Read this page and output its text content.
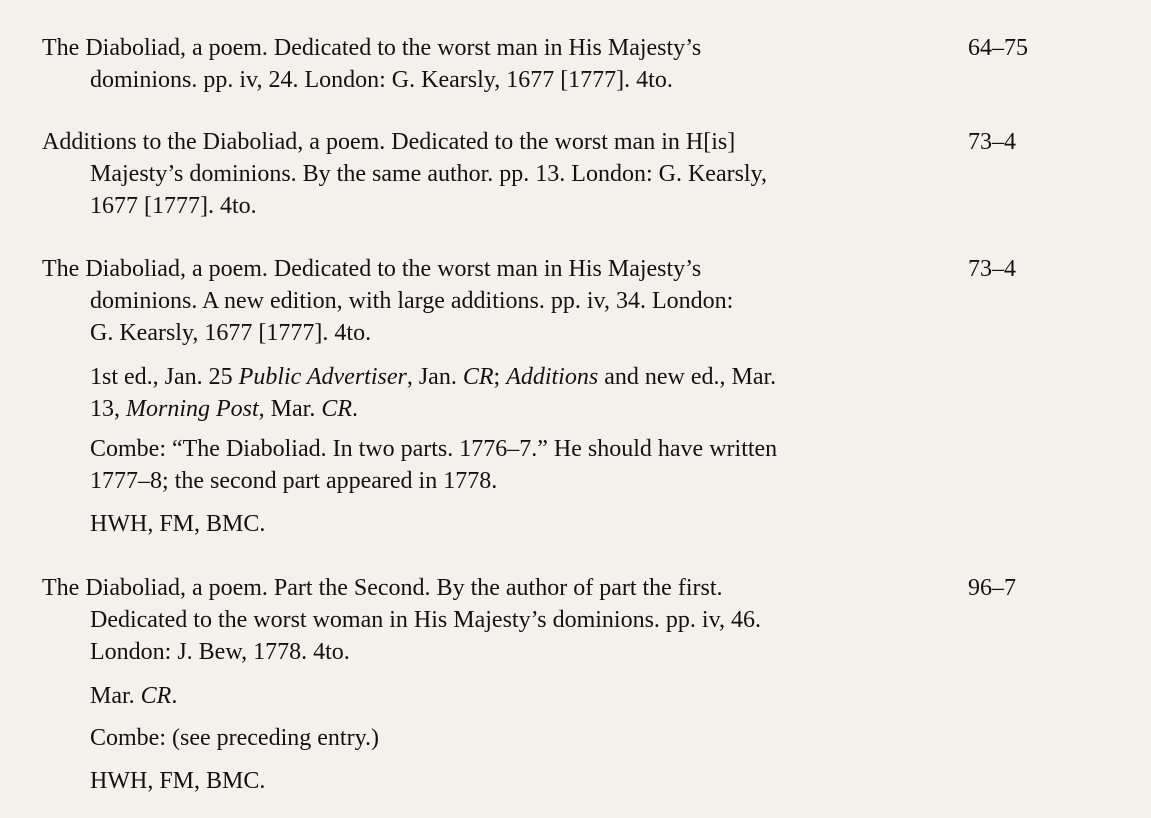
The Diaboliad, a poem. Dedicated to the worst man in His Majesty’s	64–75
dominions. pp. iv, 24. London: G. Kearsly, 1677 [1777]. 4to.
Additions to the Diaboliad, a poem. Dedicated to the worst man in H[is]	73–4
Majesty’s dominions. By the same author. pp. 13. London: G. Kearsly,
1677 [1777]. 4to.
The Diaboliad, a poem. Dedicated to the worst man in His Majesty’s	73–4
dominions. A new edition, with large additions. pp. iv, 34. London:
G. Kearsly, 1677 [1777]. 4to.
1st ed., Jan. 25 Public Advertiser, Jan. CR; Additions and new ed., Mar.
13, Morning Post, Mar. CR.
Combe: “The Diaboliad. In two parts. 1776–7.” He should have written
1777–8; the second part appeared in 1778.
HWH, FM, BMC.
The Diaboliad, a poem. Part the Second. By the author of part the first.	96–7
Dedicated to the worst woman in His Majesty’s dominions. pp. iv, 46.
London: J. Bew, 1778. 4to.
Mar. CR.
Combe: (see preceding entry.)
HWH, FM, BMC.
